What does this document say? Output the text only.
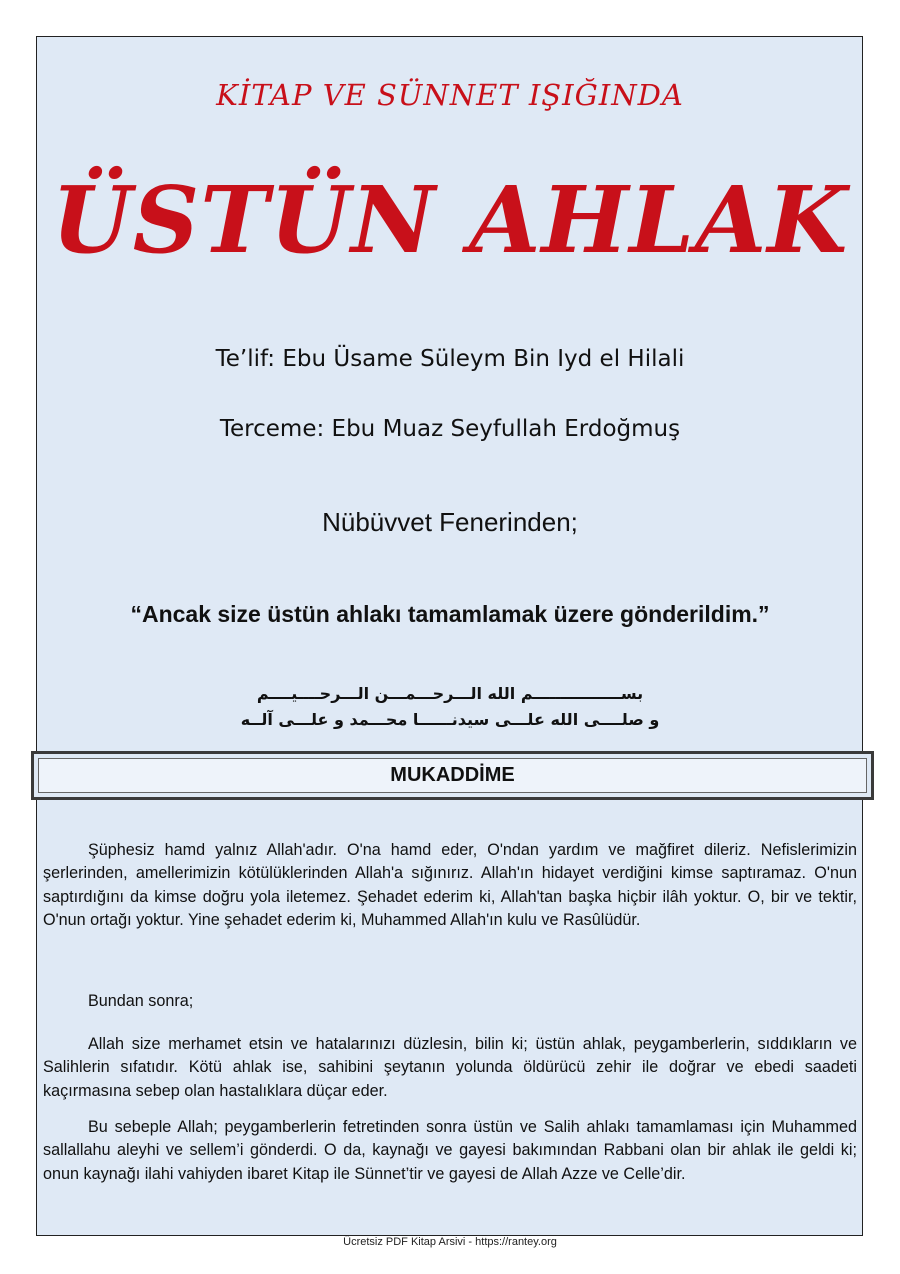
KİTAP VE SÜNNET IŞIĞINDA
ÜSTÜN AHLAK
Te’lif: Ebu Üsame Süleym Bin Iyd el Hilali
Terceme: Ebu Muaz Seyfullah Erdoğmuş
Nübüvvet Fenerinden;
“Ancak size üstün ahlakı tamamlamak üzere gönderildim.”
بســــــــــــــــم الله الـــرحـــمـــن الـــرحــــيــــم
و صلــــى الله علـــى سيدنــــــا محـــمد و علـــى آلــه
MUKADDİME

Şüphesiz hamd yalnız Allah'adır. O'na hamd eder, O'ndan yardım ve mağfiret dileriz. Nefislerimizin şerlerinden, amellerimizin kötülüklerinden Allah'a sığınırız. Allah'ın hidayet verdiğini kimse saptıramaz. O'nun saptırdığını da kimse doğru yola iletemez. Şehadet ederim ki, Allah'tan başka hiçbir ilâh yoktur. O, bir ve tektir, O'nun ortağı yoktur. Yine şehadet ederim ki, Muhammed Allah'ın kulu ve Rasûlüdür.

Bundan sonra;

Allah size merhamet etsin ve hatalarınızı düzlesin, bilin ki; üstün ahlak, peygamberlerin, sıddıkların ve Salihlerin sıfatıdır. Kötü ahlak ise, sahibini şeytanın yolunda öldürücü zehir ile doğrar ve ebedi saadeti kaçırmasına sebep olan hastalıklara düçar eder.

Bu sebeple Allah; peygamberlerin fetretinden sonra üstün ve Salih ahlakı tamamlaması için Muhammed sallallahu aleyhi ve sellem’i gönderdi. O da, kaynağı ve gayesi bakımından Rabbani olan bir ahlak ile geldi ki; onun kaynağı ilahi vahiyden ibaret Kitap ile Sünnet’tir ve gayesi de Allah Azze ve Celle’dir.

Ücretsiz PDF Kitap Arsivi - https://rantey.org
